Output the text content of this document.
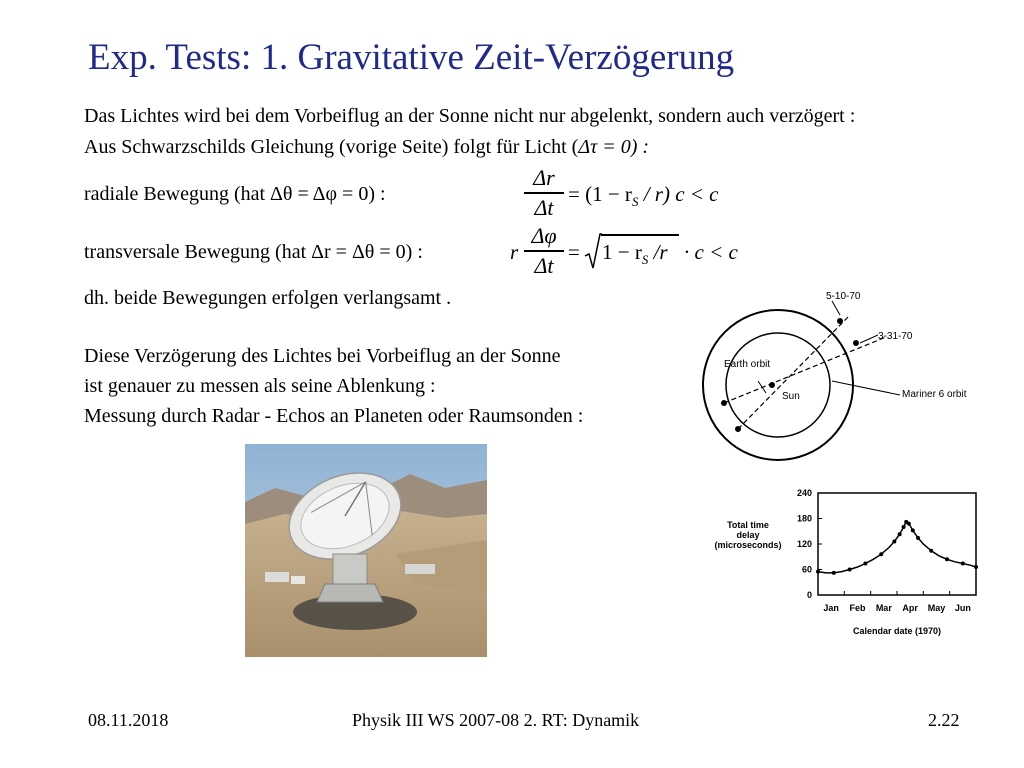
Exp. Tests: 1. Gravitative Zeit-Verzögerung
Das Lichtes wird bei dem Vorbeiflug an der Sonne nicht nur abgelenkt, sondern auch verzögert :
Aus Schwarzschilds Gleichung (vorige Seite) folgt für Licht (Δτ = 0) :
radiale Bewegung (hat Δθ = Δφ = 0) :
Δr
Δt
= $(1 - r_S / r)$ c < c
transversale Bewegung (hat Δr = Δθ = 0) :	r
Δφ
Δt
= $1 - r_S$ /r · c < c
dh. beide Bewegungen erfolgen verlangsamt .
Diese Verzögerung des Lichtes bei Vorbeiflug an der Sonne
ist genauer zu messen als seine Ablenkung :
Messung durch Radar - Echos an Planeten oder Raumsonden :
5-10-70
3-31-70
Earth orbit
Sun	Mariner 6 orbit
Total time
delay
(microseconds)
0
60
120
180
240
Jan Feb Mar Apr May Jun
Calendar date (1970)
08.11.2018	Physik III WS 2007-08 2. RT: Dynamik	2.22
